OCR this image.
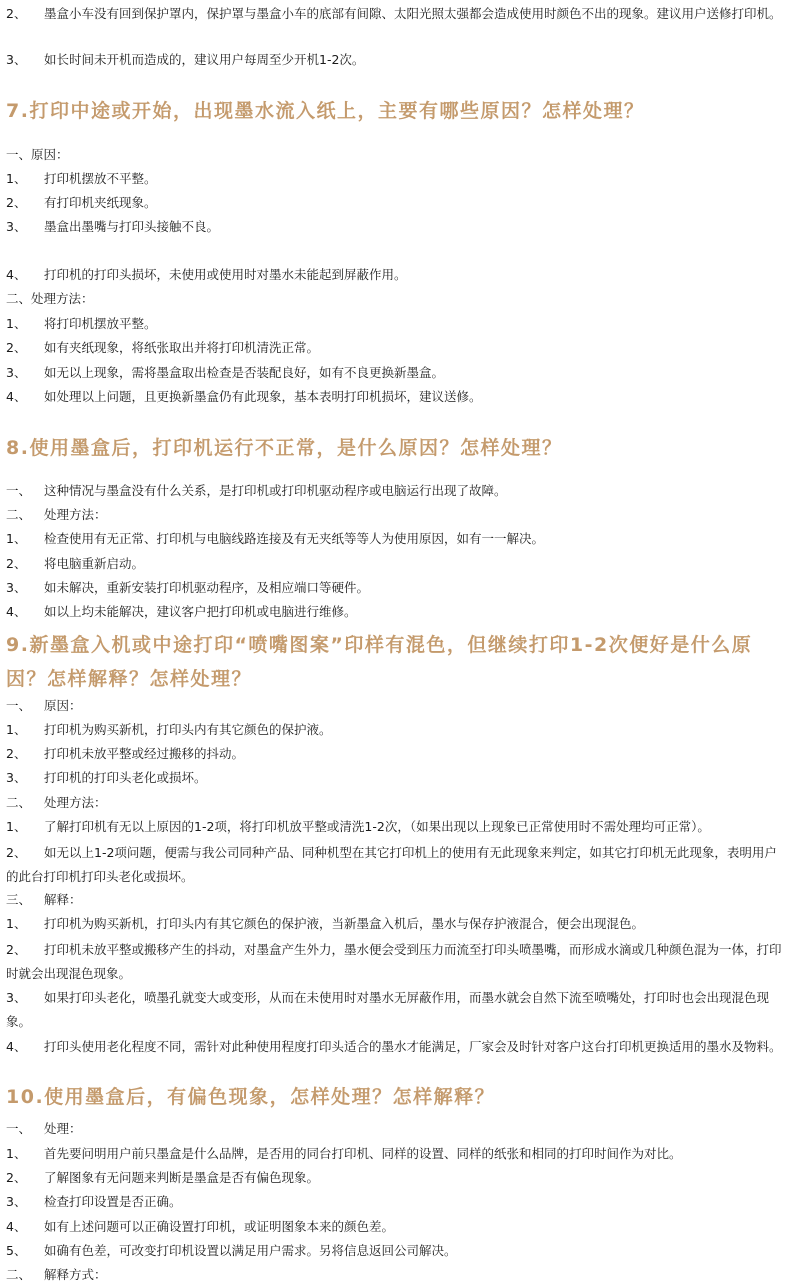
2、 墨盒小车没有回到保护罩内，保护罩与墨盒小车的底部有间隙、太阳光照太强都会造成使用时颜色不出的现象。建议用户送修打印机。
3、 如长时间未开机而造成的，建议用户每周至少开机1-2次。
7.打印中途或开始，出现墨水流入纸上，主要有哪些原因？怎样处理？
一、原因：
1、 打印机摆放不平整。
2、 有打印机夹纸现象。
3、 墨盒出墨嘴与打印头接触不良。
4、 打印机的打印头损坏，未使用或使用时对墨水未能起到屏蔽作用。
二、处理方法：
1、 将打印机摆放平整。
2、 如有夹纸现象，将纸张取出并将打印机清洗正常。
3、 如无以上现象，需将墨盒取出检查是否装配良好，如有不良更换新墨盒。
4、 如处理以上问题，且更换新墨盒仍有此现象，基本表明打印机损坏，建议送修。
8.使用墨盒后，打印机运行不正常，是什么原因？怎样处理？
一、 这种情况与墨盒没有什么关系，是打印机或打印机驱动程序或电脑运行出现了故障。
二、 处理方法：
1、 检查使用有无正常、打印机与电脑线路连接及有无夹纸等等人为使用原因，如有一一解决。
2、 将电脑重新启动。
3、 如未解决，重新安装打印机驱动程序，及相应端口等硬件。
4、 如以上均未能解决，建议客户把打印机或电脑进行维修。
9.新墨盒入机或中途打印“喷嘴图案”印样有混色，但继续打印1-2次便好是什么原因？怎样解释？怎样处理？
一、 原因：
1、 打印机为购买新机，打印头内有其它颜色的保护液。
2、 打印机未放平整或经过搬移的抖动。
3、 打印机的打印头老化或损坏。
二、 处理方法：
1、 了解打印机有无以上原因的1-2项，将打印机放平整或清洗1-2次，（如果出现以上现象已正常使用时不需处理均可正常）。
2、 如无以上1-2项问题，便需与我公司同种产品、同种机型在其它打印机上的使用有无此现象来判定，如其它打印机无此现象，表明用户的此台打印机打印头老化或损坏。
三、 解释：
1、 打印机为购买新机，打印头内有其它颜色的保护液，当新墨盒入机后，墨水与保存护液混合，便会出现混色。
2、 打印机未放平整或搬移产生的抖动，对墨盒产生外力，墨水便会受到压力而流至打印头喷墨嘴，而形成水滴或几种颜色混为一体，打印时就会出现混色现象。
3、 如果打印头老化，喷墨孔就变大或变形，从而在未使用时对墨水无屏蔽作用，而墨水就会自然下流至喷嘴处，打印时也会出现混色现象。
4、 打印头使用老化程度不同，需针对此种使用程度打印头适合的墨水才能满足，厂家会及时针对客户这台打印机更换适用的墨水及物料。
10.使用墨盒后，有偏色现象，怎样处理？怎样解释？
一、 处理：
1、 首先要问明用户前只墨盒是什么品牌，是否用的同台打印机、同样的设置、同样的纸张和相同的打印时间作为对比。
2、 了解图象有无问题来判断是墨盒是否有偏色现象。
3、 检查打印设置是否正确。
4、 如有上述问题可以正确设置打印机，或证明图象本来的颜色差。
5、 如确有色差，可改变打印机设置以满足用户需求。另将信息返回公司解决。
二、 解释方式：
